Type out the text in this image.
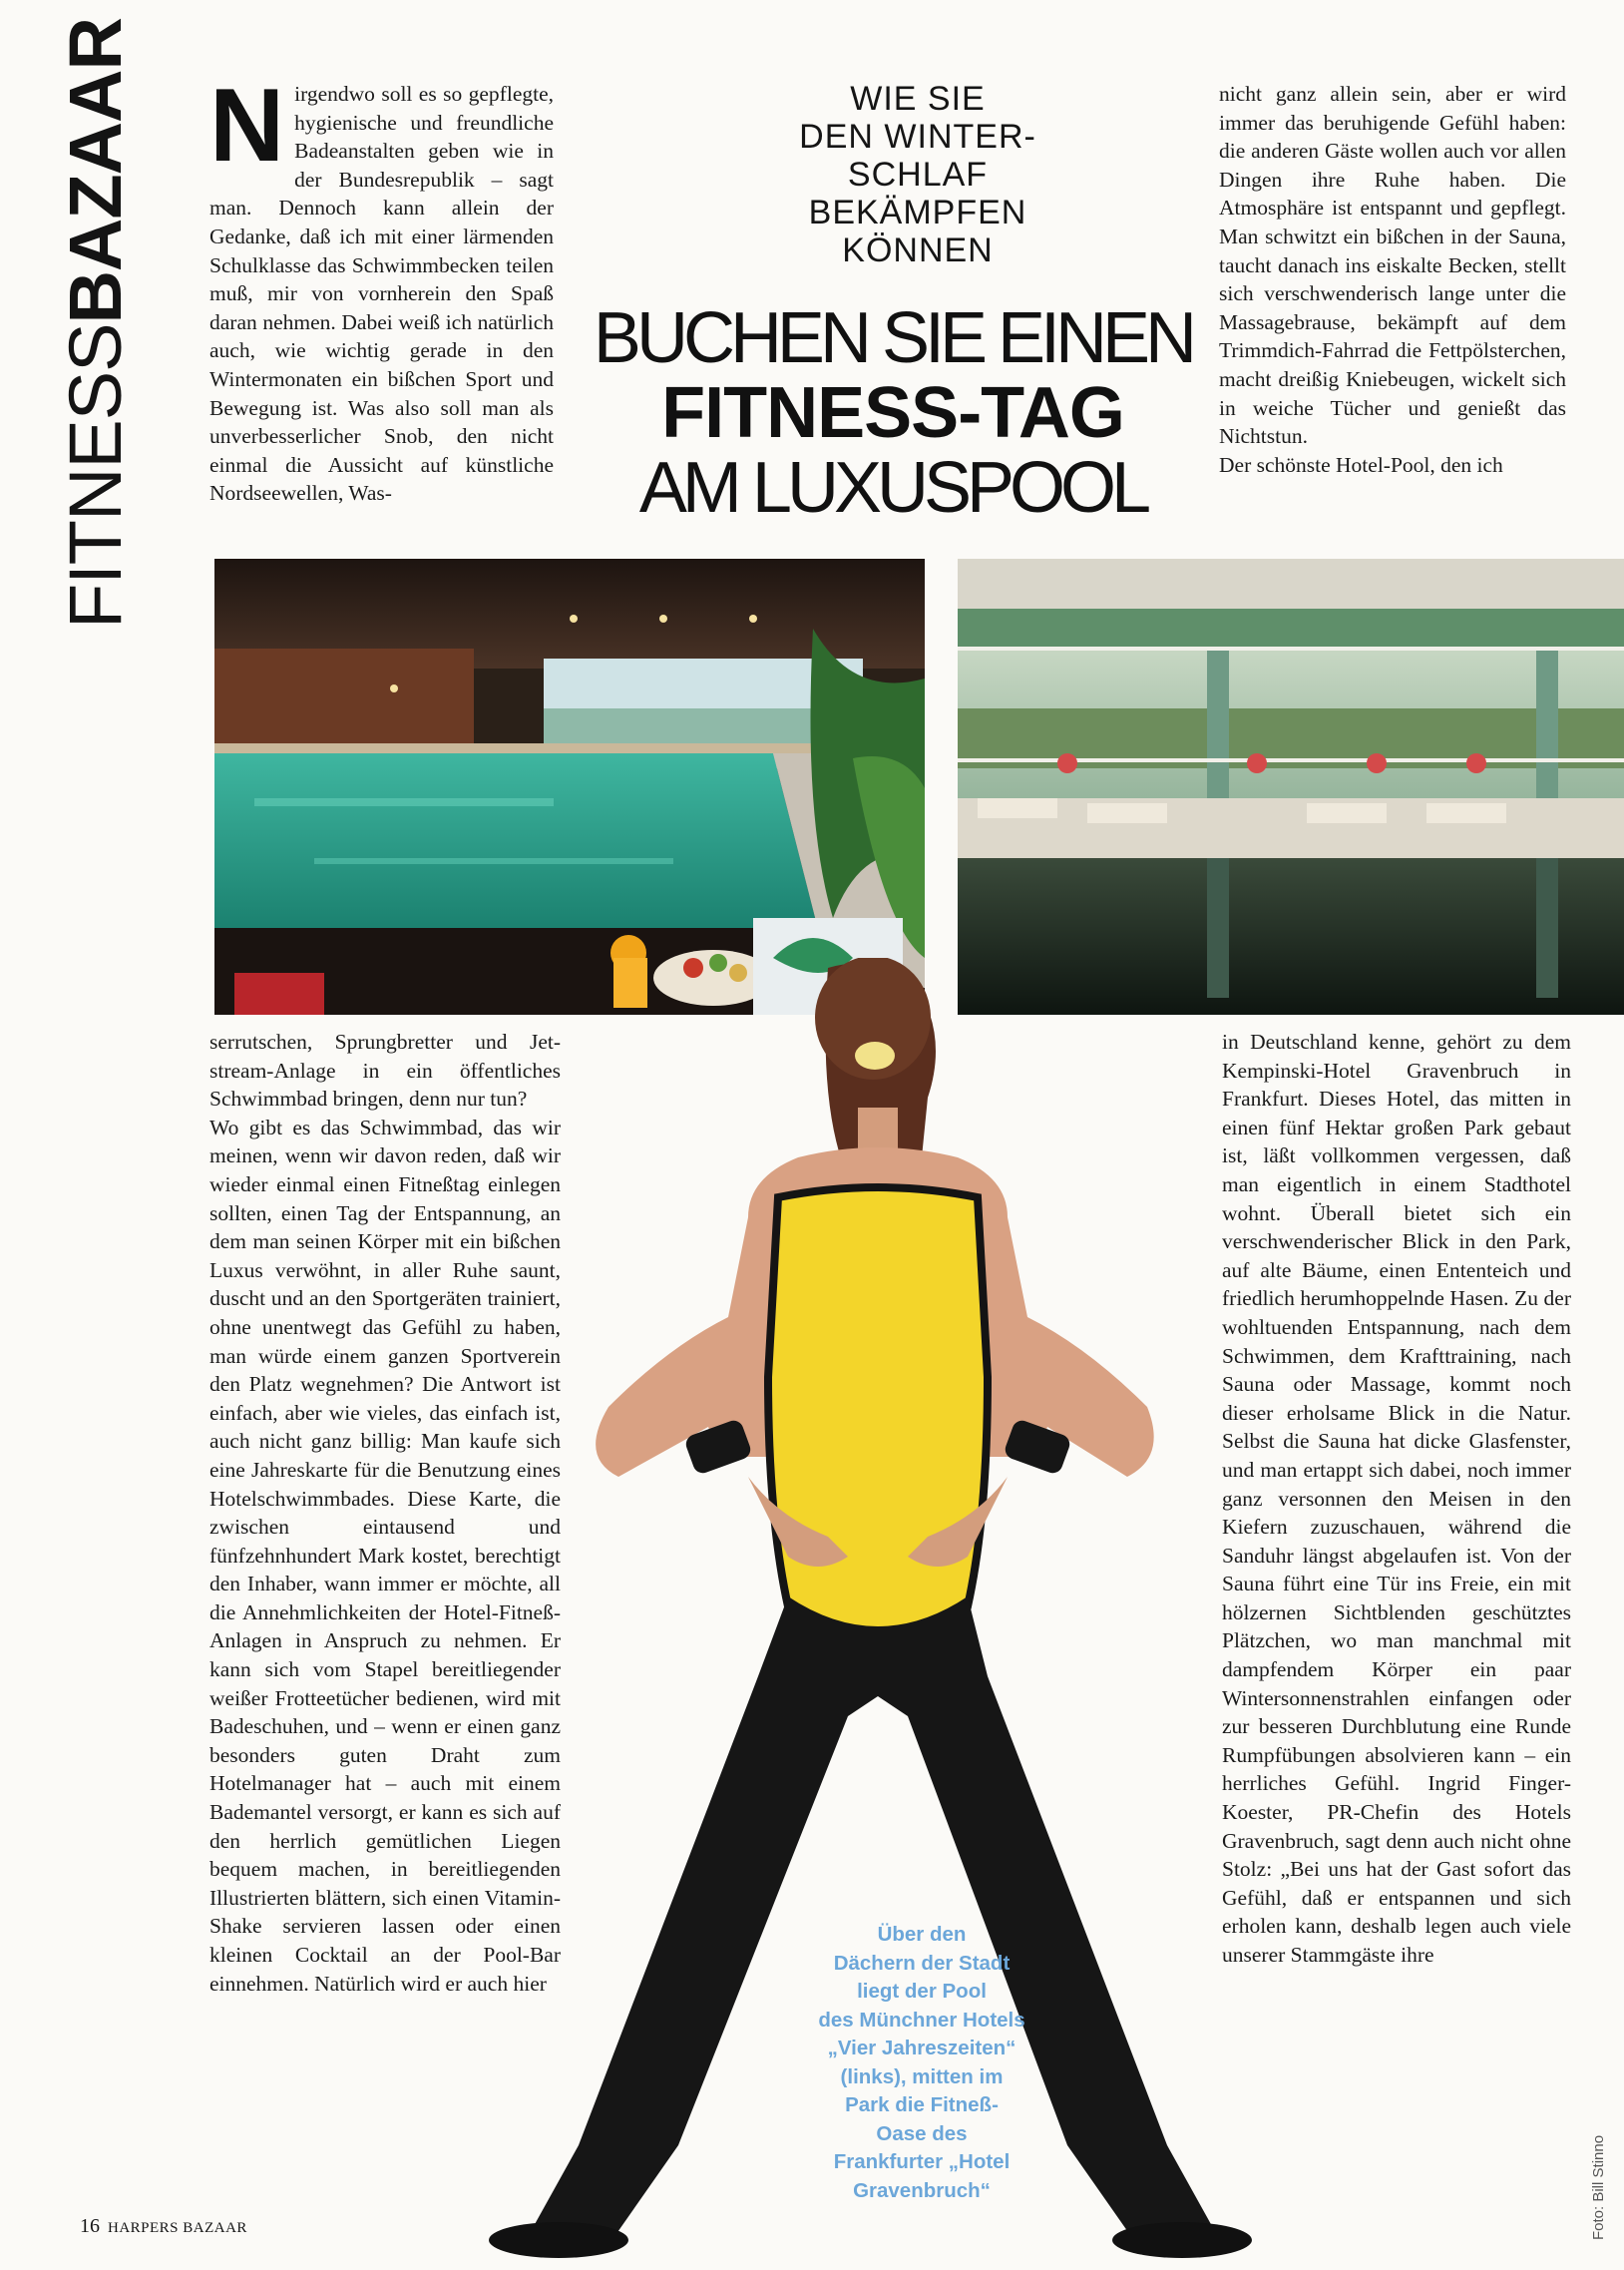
FITNESSBAZAAR Nirgendwo soll es so gepflegte, hygienische und freundliche Badeanstalten geben wie in der Bundesrepublik – sagt man. Dennoch kann allein der Gedanke, daß ich mit einer lärmenden Schulklasse das Schwimmbecken teilen muß, mir von vornherein den Spaß daran nehmen. Dabei weiß ich natürlich auch, wie wichtig gerade in den Wintermonaten ein bißchen Sport und Bewegung ist. Was also soll man als unverbesserlicher Snob, den nicht einmal die Aussicht auf künstliche Nordseewellen, Was-

WIE SIE
DEN WINTER-
SCHLAF
BEKÄMPFEN
KÖNNEN
BUCHEN SIE EINEN
FITNESS-TAG
AM LUXUSPOOL

nicht ganz allein sein, aber er wird immer das beruhigende Gefühl haben: die anderen Gäste wollen auch vor allen Dingen ihre Ruhe haben. Die Atmosphäre ist entspannt und gepflegt. Man schwitzt ein bißchen in der Sauna, taucht danach ins eiskalte Becken, stellt sich verschwenderisch lange unter die Massagebrause, bekämpft auf dem Trimmdich-Fahrrad die Fettpölsterchen, macht dreißig Kniebeugen, wickelt sich in weiche Tücher und genießt das Nichtstun.

Der schönste Hotel-Pool, den ich

serrutschen, Sprungbretter und Jet-stream-Anlage in ein öffentliches Schwimmbad bringen, denn nur tun?

Wo gibt es das Schwimmbad, das wir meinen, wenn wir davon reden, daß wir wieder einmal einen Fitneßtag einlegen sollten, einen Tag der Entspannung, an dem man seinen Körper mit ein bißchen Luxus verwöhnt, in aller Ruhe saunt, duscht und an den Sportgeräten trainiert, ohne unentwegt das Gefühl zu haben, man würde einem ganzen Sportverein den Platz wegnehmen? Die Antwort ist einfach, aber wie vieles, das einfach ist, auch nicht ganz billig: Man kaufe sich eine Jahreskarte für die Benutzung eines Hotelschwimmbades. Diese Karte, die zwischen eintausend und fünfzehnhundert Mark kostet, berechtigt den Inhaber, wann immer er möchte, all die Annehmlichkeiten der Hotel-Fitneß-Anlagen in Anspruch zu nehmen. Er kann sich vom Stapel bereitliegender weißer Frotteetücher bedienen, wird mit Badeschuhen, und – wenn er einen ganz besonders guten Draht zum Hotelmanager hat – auch mit einem Bademantel versorgt, er kann es sich auf den herrlich gemütlichen Liegen bequem machen, in bereitliegenden Illustrierten blättern, sich einen Vitamin-Shake servieren lassen oder einen kleinen Cocktail an der Pool-Bar einnehmen. Natürlich wird er auch hier

in Deutschland kenne, gehört zu dem Kempinski-Hotel Gravenbruch in Frankfurt. Dieses Hotel, das mitten in einen fünf Hektar großen Park gebaut ist, läßt vollkommen vergessen, daß man eigentlich in einem Stadthotel wohnt. Überall bietet sich ein verschwenderischer Blick in den Park, auf alte Bäume, einen Ententeich und friedlich herumhoppelnde Hasen. Zu der wohltuenden Entspannung, nach dem Schwimmen, dem Krafttraining, nach Sauna oder Massage, kommt noch dieser erholsame Blick in die Natur. Selbst die Sauna hat dicke Glasfenster, und man ertappt sich dabei, noch immer ganz versonnen den Meisen in den Kiefern zuzuschauen, während die Sanduhr längst abgelaufen ist. Von der Sauna führt eine Tür ins Freie, ein mit hölzernen Sichtblenden geschütztes Plätzchen, wo man manchmal mit dampfendem Körper ein paar Wintersonnenstrahlen einfangen oder zur besseren Durchblutung eine Runde Rumpfübungen absolvieren kann – ein herrliches Gefühl. Ingrid Finger-Koester, PR-Chefin des Hotels Gravenbruch, sagt denn auch nicht ohne Stolz: „Bei uns hat der Gast sofort das Gefühl, daß er entspannen und sich erholen kann, deshalb legen auch viele unserer Stammgäste ihre

Über den
Dächern der Stadt
liegt der Pool
des Münchner Hotels
„Vier Jahreszeiten“
(links), mitten im
Park die Fitneß-
Oase des
Frankfurter „Hotel
Gravenbruch“
16 HARPERS BAZAAR	Foto: Bill Stinno
